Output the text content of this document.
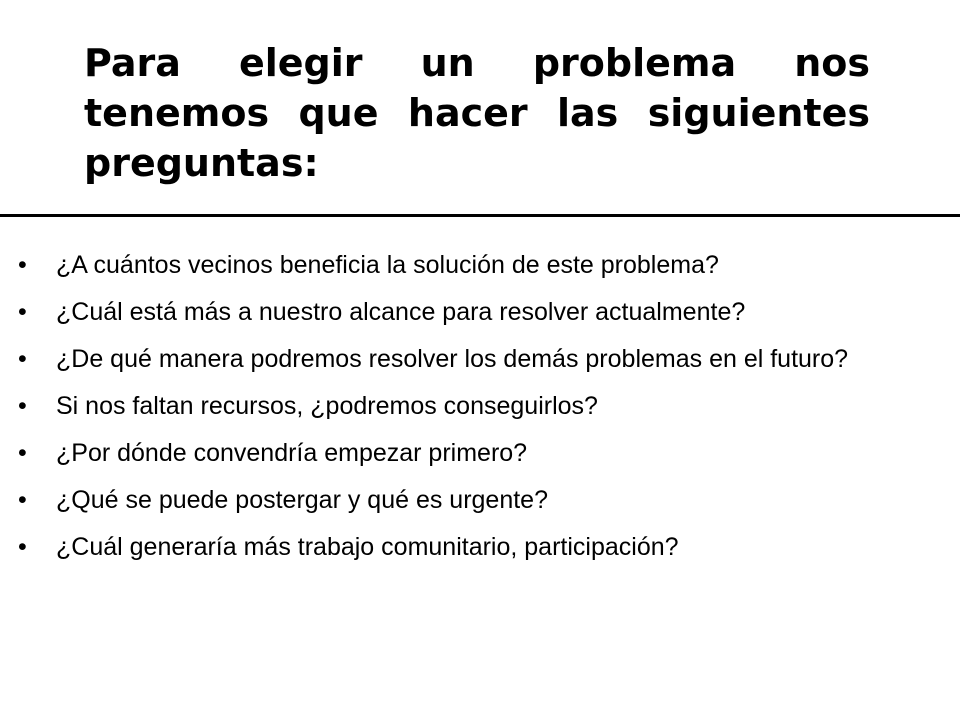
Para elegir un problema nos tenemos que hacer las siguientes preguntas:
• ¿A cuántos vecinos beneficia la solución de este problema?
• ¿Cuál está más a nuestro alcance para resolver actualmente?
• ¿De qué manera podremos resolver los demás problemas en el futuro?
• Si nos faltan recursos, ¿podremos conseguirlos?
• ¿Por dónde convendría empezar primero?
• ¿Qué se puede postergar y qué es urgente?
• ¿Cuál generaría más trabajo comunitario, participación?
